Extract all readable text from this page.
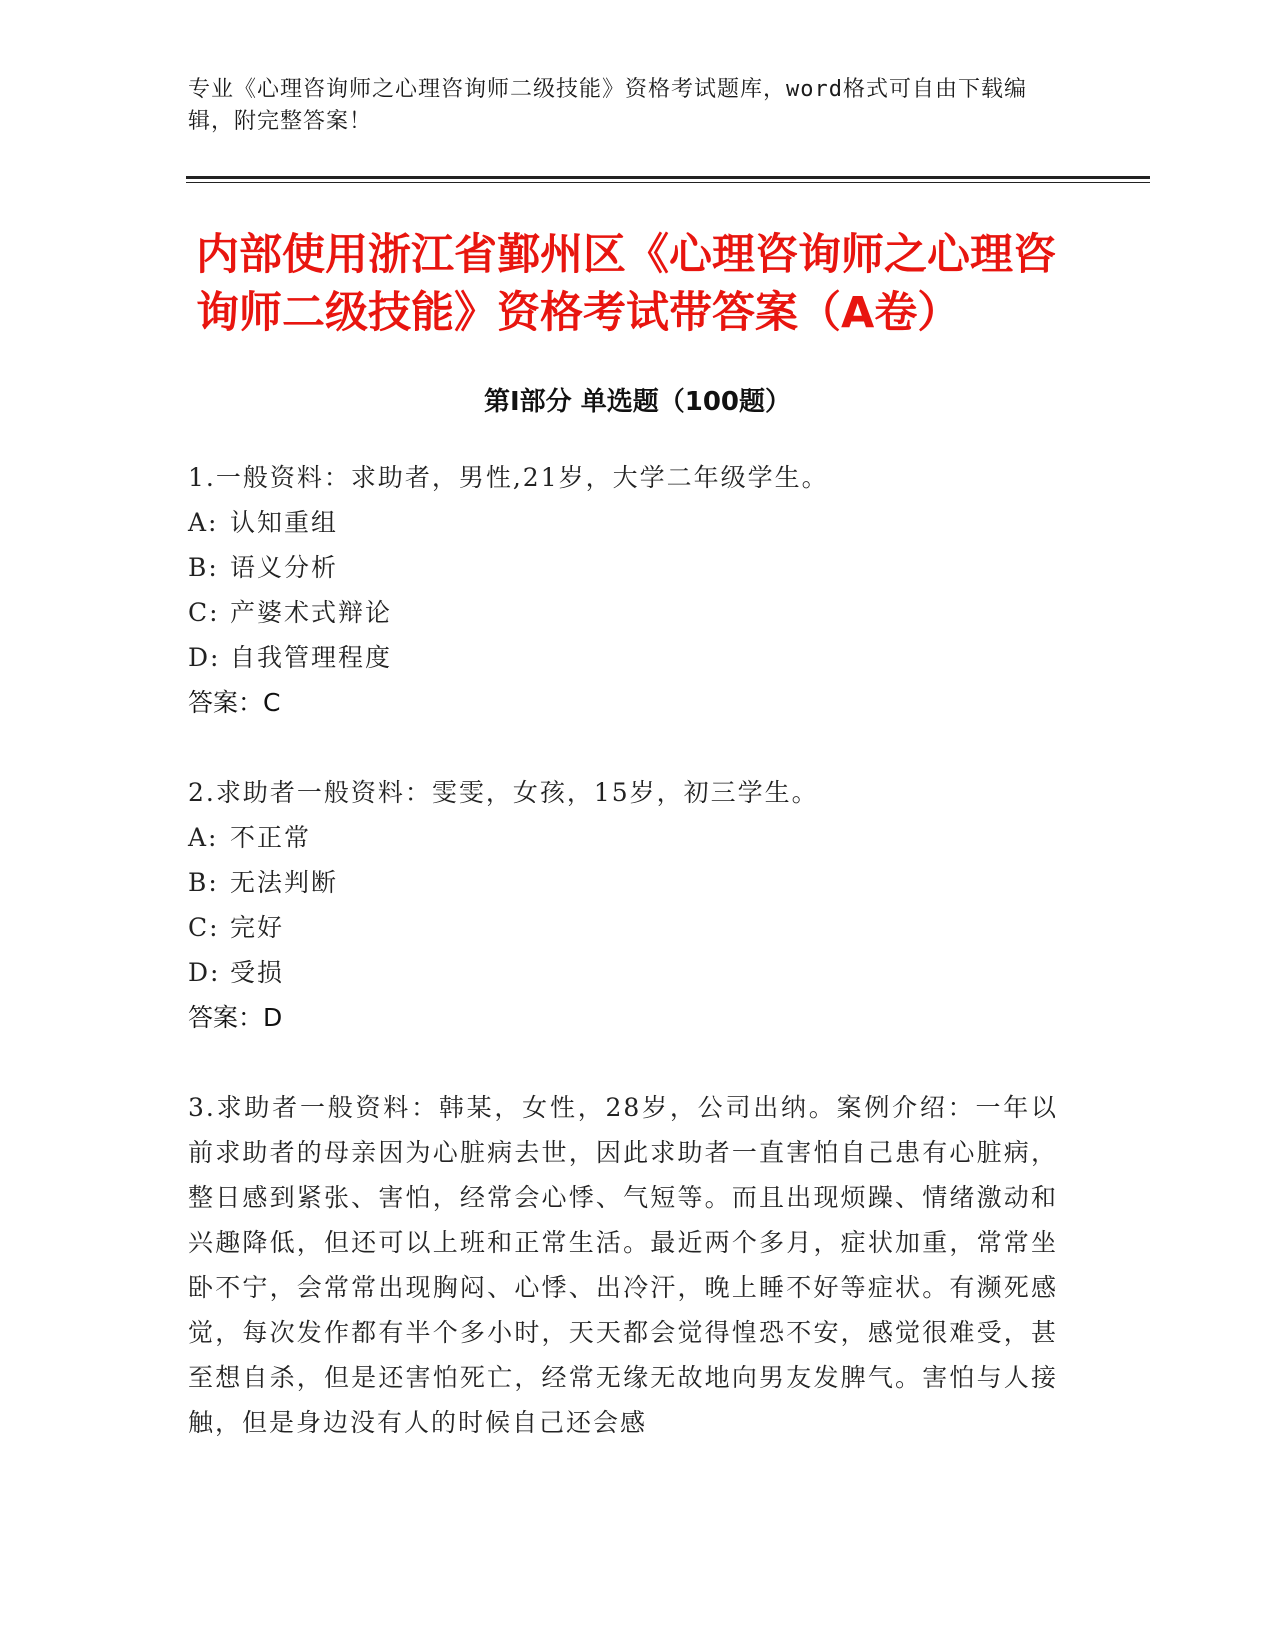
专业《心理咨询师之心理咨询师二级技能》资格考试题库，word格式可自由下载编辑，附完整答案！
内部使用浙江省鄞州区《心理咨询师之心理咨询师二级技能》资格考试带答案（A卷）
第Ⅰ部分 单选题（100题）

1.一般资料：求助者，男性,21岁，大学二年级学生。

A: 认知重组

B: 语义分析

C: 产婆术式辩论

D: 自我管理程度

答案：C

2.求助者一般资料：雯雯，女孩，15岁，初三学生。

A: 不正常

B: 无法判断

C: 完好

D: 受损

答案：D

3.求助者一般资料：韩某，女性，28岁，公司出纳。案例介绍：一年以前求助者的母亲因为心脏病去世，因此求助者一直害怕自己患有心脏病，整日感到紧张、害怕，经常会心悸、气短等。而且出现烦躁、情绪激动和兴趣降低，但还可以上班和正常生活。最近两个多月，症状加重，常常坐卧不宁，会常常出现胸闷、心悸、出冷汗，晚上睡不好等症状。有濒死感觉，每次发作都有半个多小时，天天都会觉得惶恐不安，感觉很难受，甚至想自杀，但是还害怕死亡，经常无缘无故地向男友发脾气。害怕与人接触，但是身边没有人的时候自己还会感
